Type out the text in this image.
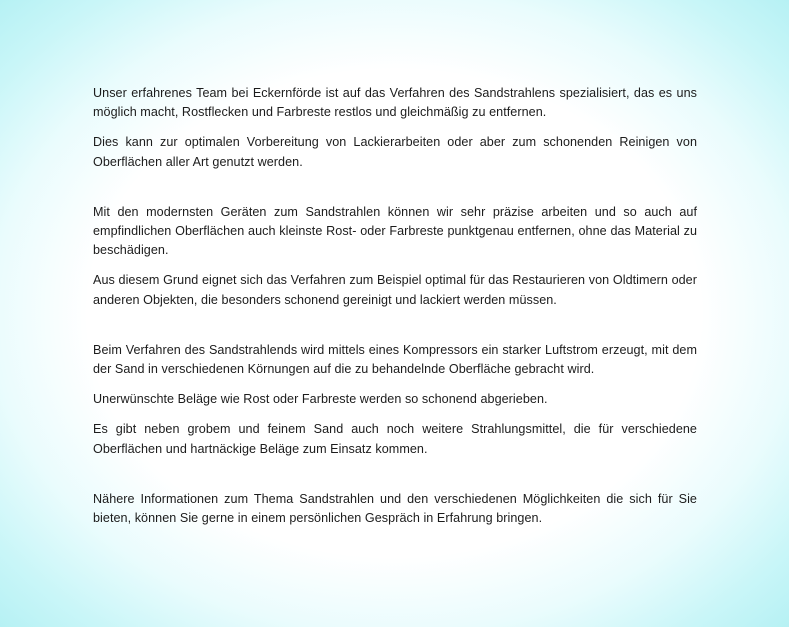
Unser erfahrenes Team bei Eckernförde ist auf das Verfahren des Sandstrahlens spezialisiert, das es uns möglich macht, Rostflecken und Farbreste restlos und gleichmäßig zu entfernen.

Dies kann zur optimalen Vorbereitung von Lackierarbeiten oder aber zum schonenden Reinigen von Oberflächen aller Art genutzt werden.

Mit den modernsten Geräten zum Sandstrahlen können wir sehr präzise arbeiten und so auch auf empfindlichen Oberflächen auch kleinste Rost- oder Farbreste punktgenau entfernen, ohne das Material zu beschädigen.

Aus diesem Grund eignet sich das Verfahren zum Beispiel optimal für das Restaurieren von Oldtimern oder anderen Objekten, die besonders schonend gereinigt und lackiert werden müssen.

Beim Verfahren des Sandstrahlends wird mittels eines Kompressors ein starker Luftstrom erzeugt, mit dem der Sand in verschiedenen Körnungen auf die zu behandelnde Oberfläche gebracht wird.

Unerwünschte Beläge wie Rost oder Farbreste werden so schonend abgerieben.

Es gibt neben grobem und feinem Sand auch noch weitere Strahlungsmittel, die für verschiedene Oberflächen und hartnäckige Beläge zum Einsatz kommen.

Nähere Informationen zum Thema Sandstrahlen und den verschiedenen Möglichkeiten die sich für Sie bieten, können Sie gerne in einem persönlichen Gespräch in Erfahrung bringen.
